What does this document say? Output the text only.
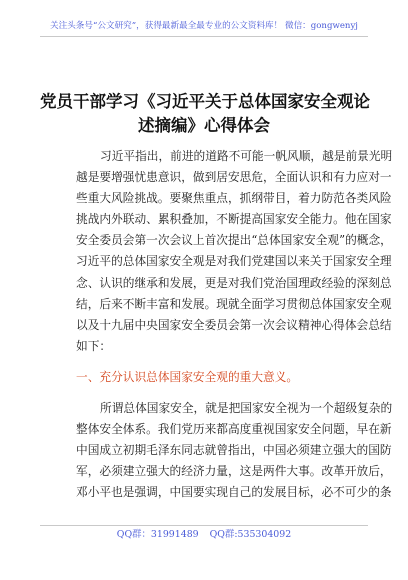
关注头条号“公文研究”，获得最新最全最专业的公文资料库！ 微信：gongwenyj
党员干部学习《习近平关于总体国家安全观论
述摘编》心得体会
习近平指出，前进的道路不可能一帆风顺，越是前景光明
越是要增强忧患意识，做到居安思危，全面认识和有力应对一
些重大风险挑战。要聚焦重点，抓纲带目，着力防范各类风险
挑战内外联动、累积叠加，不断提高国家安全能力。他在国家
安全委员会第一次会议上首次提出“总体国家安全观”的概念，
习近平的总体国家安全观是对我们党建国以来关于国家安全理
念、认识的继承和发展，更是对我们党治国理政经验的深刻总
结，后来不断丰富和发展。现就全面学习贯彻总体国家安全观
以及十九届中央国家安全委员会第一次会议精神心得体会总结
如下：
一、充分认识总体国家安全观的重大意义。
所谓总体国家安全，就是把国家安全视为一个超级复杂的
整体安全体系。我们党历来都高度重视国家安全问题，早在新
中国成立初期毛泽东同志就曾指出，中国必须建立强大的国防
军，必须建立强大的经济力量，这是两件大事。改革开放后，
邓小平也是强调，中国要实现自己的发展目标，必不可少的条
QQ群：31991489 QQ群:535304092
